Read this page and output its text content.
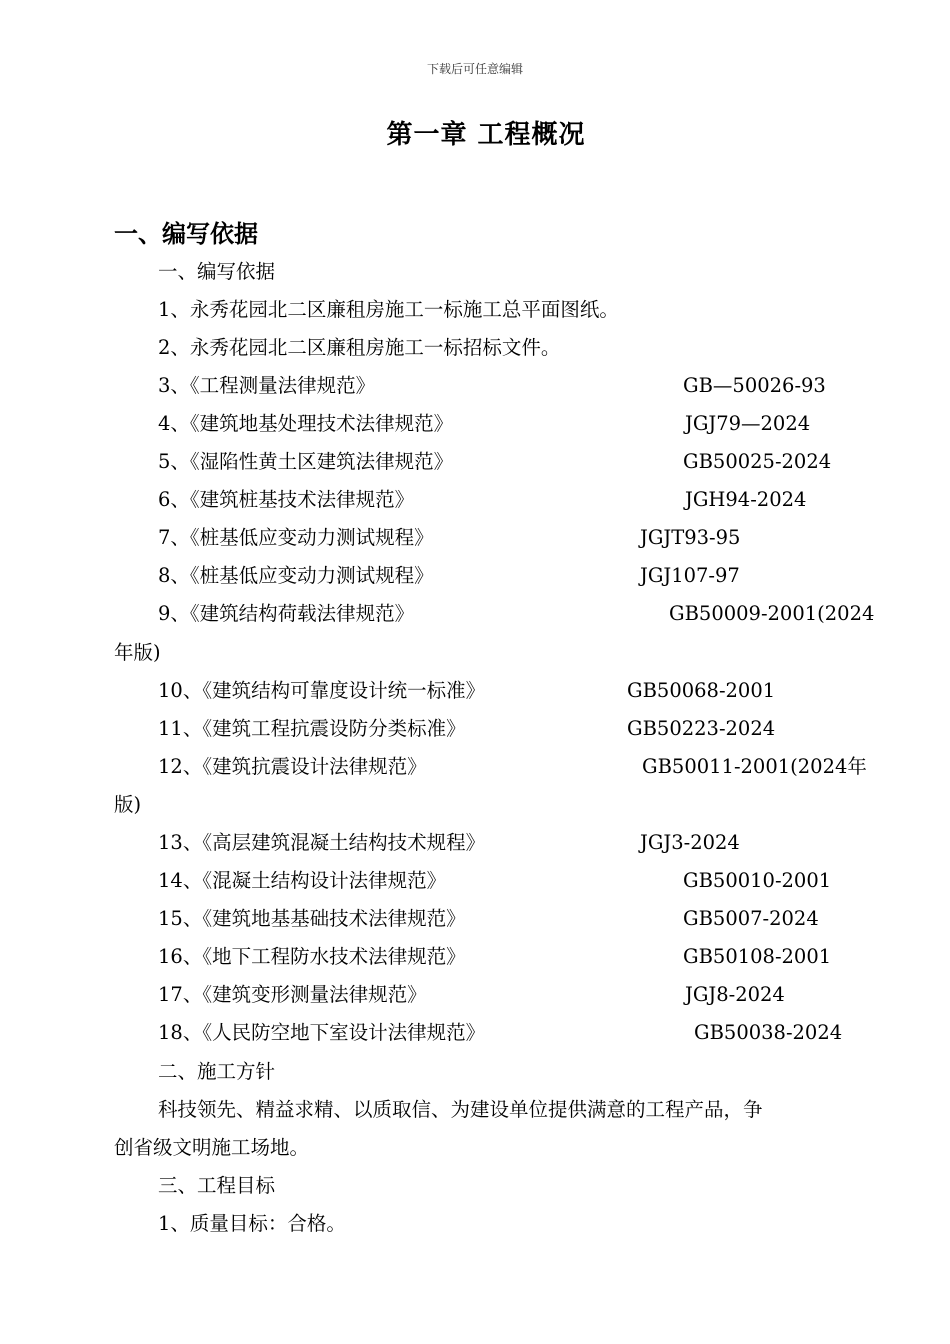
下载后可任意编辑
第一章 工程概况
一、编写依据
一、编写依据
1、永秀花园北二区廉租房施工一标施工总平面图纸。
2、永秀花园北二区廉租房施工一标招标文件。
3、《工程测量法律规范》	GB—50026-93
4、《建筑地基处理技术法律规范》	JGJ79—2024
5、《湿陷性黄土区建筑法律规范》	GB50025-2024
6、《建筑桩基技术法律规范》	JGH94-2024
7、《桩基低应变动力测试规程》	JGJT93-95
8、《桩基低应变动力测试规程》	JGJ107-97
9、《建筑结构荷载法律规范》	GB50009-2001(2024
年版)
10、《建筑结构可靠度设计统一标准》	GB50068-2001
11、《建筑工程抗震设防分类标准》	GB50223-2024
12、《建筑抗震设计法律规范》	GB50011-2001(2024年
版)
13、《高层建筑混凝土结构技术规程》	JGJ3-2024
14、《混凝土结构设计法律规范》	GB50010-2001
15、《建筑地基基础技术法律规范》	GB5007-2024
16、《地下工程防水技术法律规范》	GB50108-2001
17、《建筑变形测量法律规范》	JGJ8-2024
18、《人民防空地下室设计法律规范》	GB50038-2024
二、施工方针
科技领先、精益求精、以质取信、为建设单位提供满意的工程产品，争
创省级文明施工场地。
三、工程目标
1、质量目标：合格。
